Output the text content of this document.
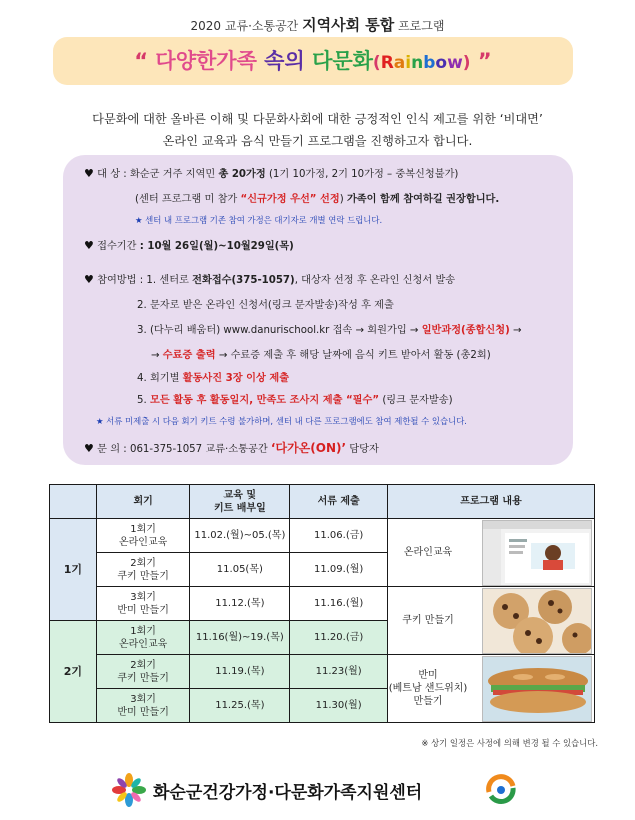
2020 교류·소통공간 지역사회 통합 프로그램
“ 다양한가족 속의 다문화(Rainbow) ”
다문화에 대한 올바른 이해 및 다문화사회에 대한 긍정적인 인식 제고를 위한 ‘비대면’
온라인 교육과 음식 만들기 프로그램을 진행하고자 합니다.
♥ 대 상 : 화순군 거주 지역민 총 20가정 (1기 10가정, 2기 10가정 – 중복신청불가)
(센터 프로그램 미 참가 “신규가정 우선” 선정) 가족이 함께 참여하길 권장합니다.
★ 센터 내 프로그램 기존 참여 가정은 대기자로 개별 연락 드립니다.
♥ 접수기간 : 10월 26일(월)~10월29일(목)
♥ 참여방법 : 1. 센터로 전화접수(375-1057), 대상자 선정 후 온라인 신청서 발송
2. 문자로 받은 온라인 신청서(링크 문자발송)작성 후 제출
3. (다누리 배움터) www.danurischool.kr 접속 → 회원가입 → 일반과정(종합신청) →
→ 수료증 출력 → 수료증 제출 후 해당 날짜에 음식 키트 받아서 활동 (총2회)
4. 회기별 활동사진 3장 이상 제출
5. 모든 활동 후 활동일지, 만족도 조사지 제출 “필수” (링크 문자발송)
★ 서류 미제출 시 다음 회기 키트 수령 불가하며, 센터 내 다른 프로그램에도 참여 제한될 수 있습니다.
♥ 문 의 : 061-375-1057 교류·소통공간 ‘다가온(ON)’ 담당자
	회기	교육 및
키트 배부일	서류 제출	프로그램 내용
1기	1회기
온라인교육	11.02.(월)~05.(목)	11.06.(금)	온라인교육

	2회기
쿠키 만들기	11.05(목)	11.09.(월)	
	3회기
반미 만들기	11.12.(목)	11.16.(월)	쿠키 만들기

2기	1회기
온라인교육	11.16(월)~19.(목)	11.20.(금)	
	2회기
쿠키 만들기	11.19.(목)	11.23(월)	반미
(베트남 샌드위치)
만들기

	3회기
반미 만들기	11.25.(목)	11.30(월)	
※ 상기 일정은 사정에 의해 변경 될 수 있습니다.
화순군건강가정·다문화가족지원센터
